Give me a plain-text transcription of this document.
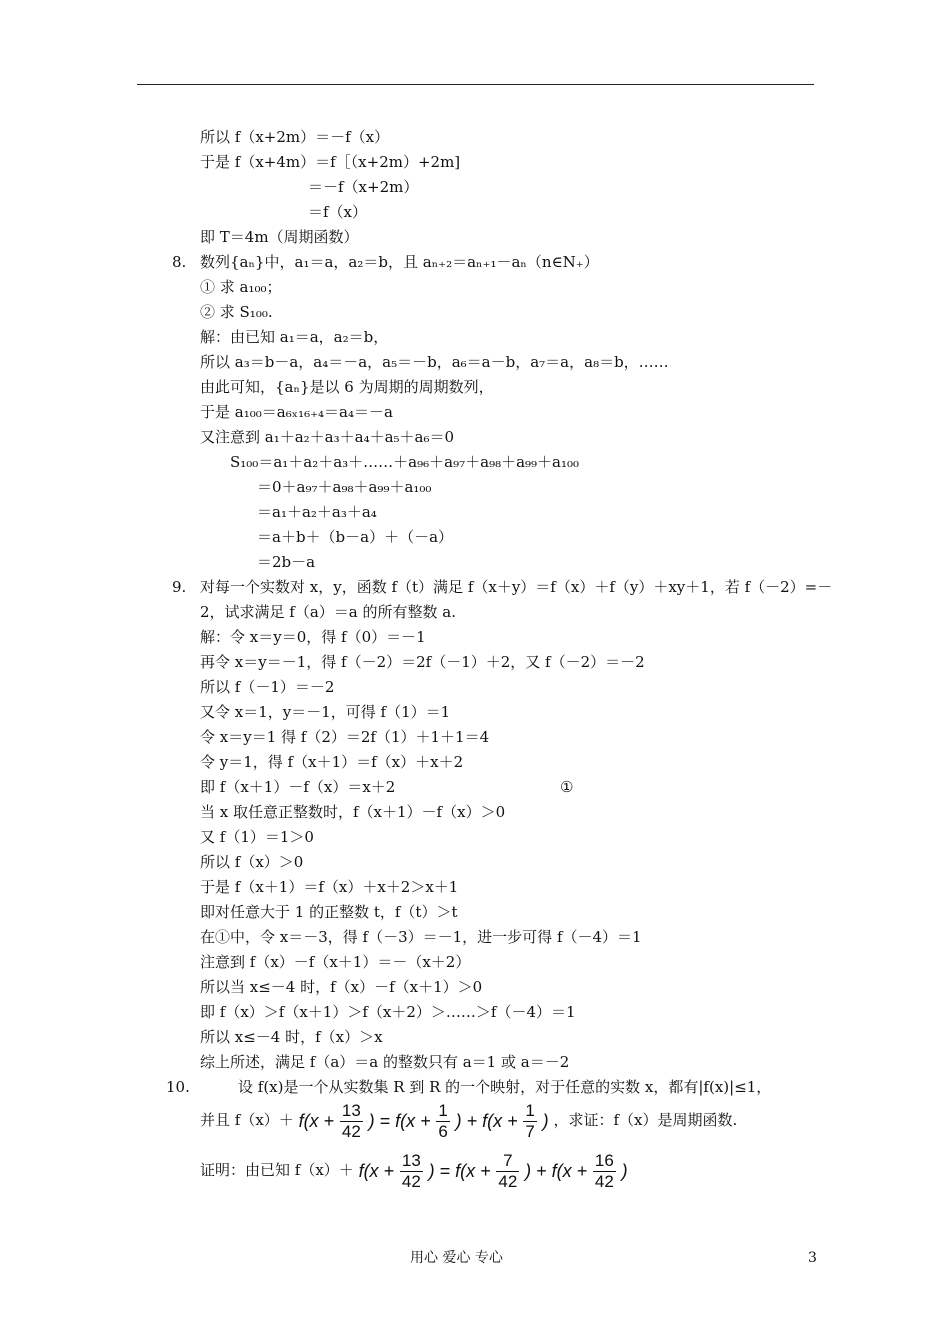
所以 f（x+2m）＝－f（x）
于是 f（x+4m）＝f［（x+2m）+2m]
＝－f（x+2m）
＝f（x）
即 T＝4m（周期函数）
8. 数列{aₙ}中，a₁＝a，a₂＝b，且 aₙ₊₂＝aₙ₊₁－aₙ（n∈N₊）
① 求 a₁₀₀；
② 求 S₁₀₀.
解：由已知 a₁＝a，a₂＝b，
所以 a₃＝b－a，a₄＝－a，a₅＝－b，a₆＝a－b，a₇＝a，a₈＝b，……
由此可知，{aₙ}是以 6 为周期的周期数列，
于是 a₁₀₀＝a₆ₓ₁₆₊₄＝a₄＝－a
又注意到 a₁＋a₂＋a₃＋a₄＋a₅＋a₆＝0
S₁₀₀＝a₁＋a₂＋a₃＋……＋a₉₆＋a₉₇＋a₉₈＋a₉₉＋a₁₀₀
＝0＋a₉₇＋a₉₈＋a₉₉＋a₁₀₀
＝a₁＋a₂＋a₃＋a₄
＝a＋b＋（b－a）＋（－a）
＝2b－a
9. 对每一个实数对 x，y，函数 f（t）满足 f（x＋y）＝f（x）＋f（y）＋xy＋1，若 f（－2）=－
2，试求满足 f（a）＝a 的所有整数 a.
解：令 x＝y＝0，得 f（0）＝－1
再令 x＝y＝－1，得 f（－2）＝2f（－1）＋2，又 f（－2）＝－2
所以 f（－1）＝－2
又令 x＝1，y＝－1，可得 f（1）＝1
令 x＝y＝1 得 f（2）＝2f（1）＋1＋1＝4
令 y＝1，得 f（x＋1）＝f（x）＋x＋2
即 f（x＋1）－f（x）＝x＋2	①
当 x 取任意正整数时，f（x＋1）－f（x）＞0
又 f（1）＝1＞0
所以 f（x）＞0
于是 f（x＋1）＝f（x）＋x＋2＞x＋1
即对任意大于 1 的正整数 t，f（t）＞t
在①中，令 x＝－3，得 f（－3）＝－1，进一步可得 f（－4）＝1
注意到 f（x）－f（x＋1）＝－（x＋2）
所以当 x≤－4 时，f（x）－f（x＋1）＞0
即 f（x）＞f（x＋1）＞f（x＋2）＞……＞f（－4）＝1
所以 x≤－4 时，f（x）＞x
综上所述，满足 f（a）＝a 的整数只有 a＝1 或 a＝－2
10.	设 f(x)是一个从实数集 R 到 R 的一个映射，对于任意的实数 x，都有|f(x)|≤1，
并且 $f(x)+ f(x + \frac{13}{42}$ ) = $f(x + \frac{1}{6}$ ) + $f(x + \frac{1}{7}$ ) ，求证：f（x）是周期函数.
证明：由已知 $f(x)+ f(x + \frac{13}{42}$ ) = $f(x + \frac{7}{42}$ ) + $f(x + \frac{16}{42}$ )
用心 爱心 专心	3
